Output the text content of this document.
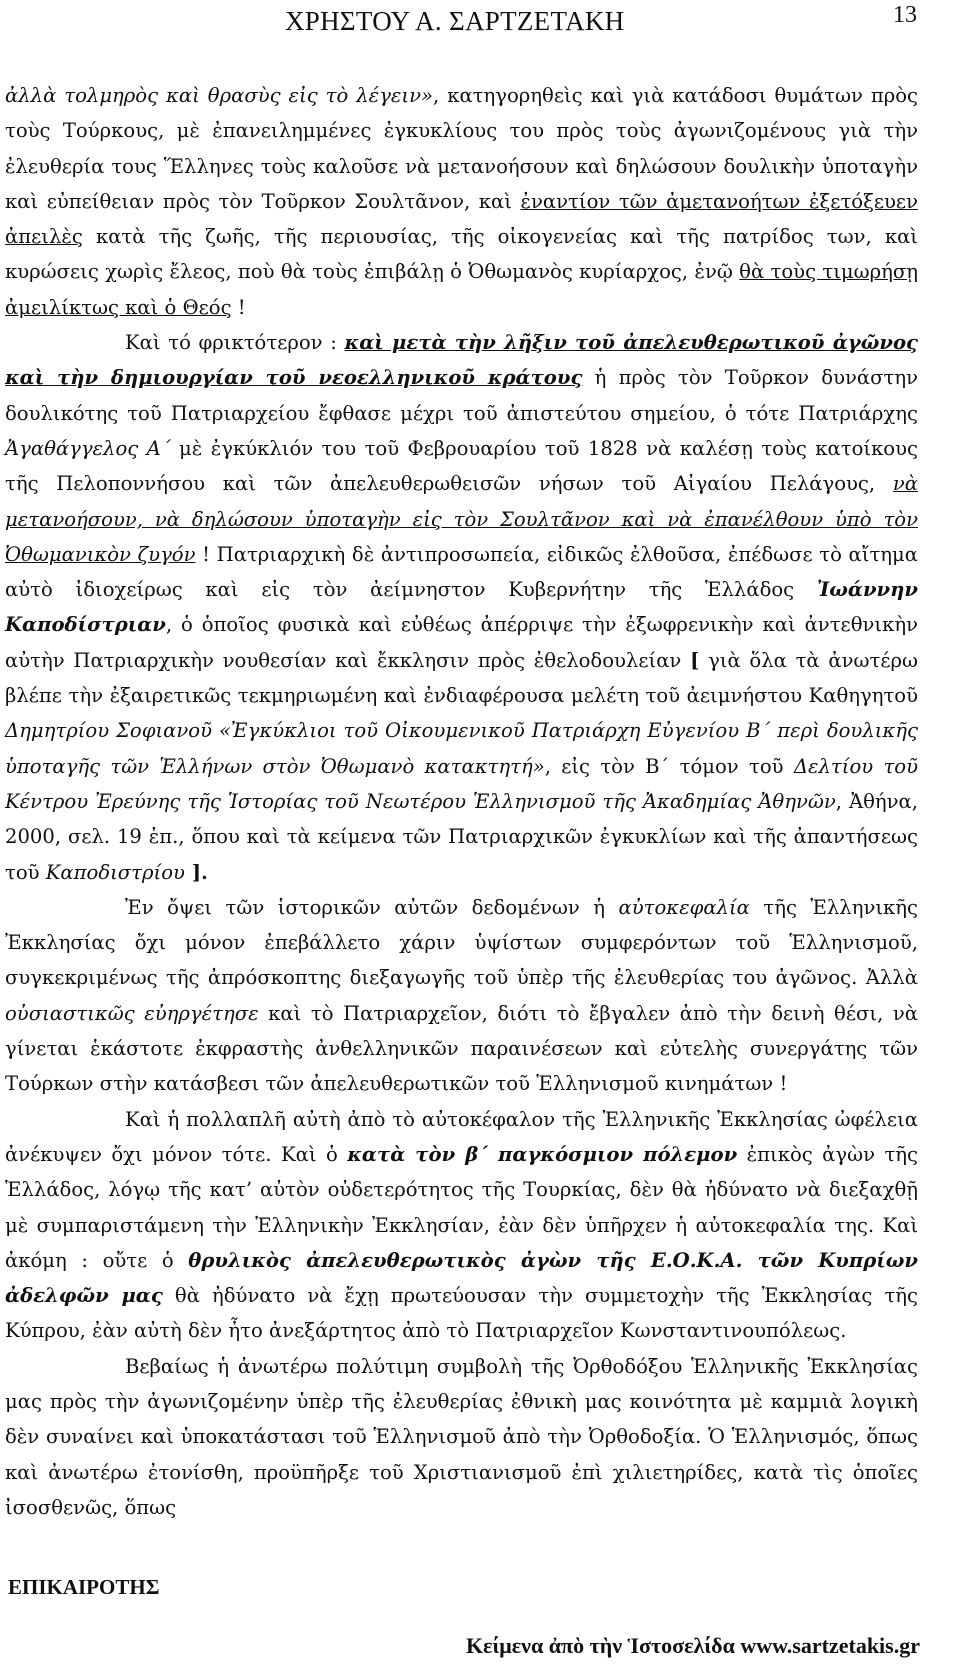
ΧΡΗΣΤΟΥ Α. ΣΑΡΤΖΕΤΑΚΗ	13

ἀλλὰ τολμηρὸς καὶ θρασὺς εἰς τὸ λέγειν», κατηγορηθεὶς καὶ γιὰ κατάδοσι θυμάτων πρὸς τοὺς Τούρκους, μὲ ἐπανειλημμένες ἐγκυκλίους του πρὸς τοὺς ἀγωνιζομένους γιὰ τὴν ἐλευθερία τους Ἕλληνες τοὺς καλοῦσε νὰ μετανοήσουν καὶ δηλώσουν δουλικὴν ὑποταγὴν καὶ εὐπείθειαν πρὸς τὸν Τοῦρκον Σουλτᾶνον, καὶ ἐναντίον τῶν ἀμετανοήτων ἐξετόξευεν ἀπειλὲς κατὰ τῆς ζωῆς, τῆς περιουσίας, τῆς οἰκογενείας καὶ τῆς πατρίδος των, καὶ κυρώσεις χωρὶς ἔλεος, ποὺ θὰ τοὺς ἐπιβάλῃ ὁ Ὀθωμανὸς κυρίαρχος, ἐνῷ θὰ τοὺς τιμωρήσῃ ἀμειλίκτως καὶ ὁ Θεός !

Καὶ τό φρικτότερον : καὶ μετὰ τὴν λῆξιν τοῦ ἀπελευθερωτικοῦ ἀγῶνος καὶ τὴν δημιουργίαν τοῦ νεοελληνικοῦ κράτους ἡ πρὸς τὸν Τοῦρκον δυνάστην δουλικότης τοῦ Πατριαρχείου ἔφθασε μέχρι τοῦ ἀπιστεύτου σημείου, ὁ τότε Πατριάρχης Ἀγαθάγγελος Α΄ μὲ ἐγκύκλιόν του τοῦ Φεβρουαρίου τοῦ 1828 νὰ καλέσῃ τοὺς κατοίκους τῆς Πελοποννήσου καὶ τῶν ἀπελευθερωθεισῶν νήσων τοῦ Αἰγαίου Πελάγους, νὰ μετανοήσουν, νὰ δηλώσουν ὑποταγὴν εἰς τὸν Σουλτᾶνον καὶ νὰ ἐπανέλθουν ὑπὸ τὸν Ὀθωμανικὸν ζυγόν ! Πατριαρχικὴ δὲ ἀντιπροσωπεία, εἰδικῶς ἐλθοῦσα, ἐπέδωσε τὸ αἴτημα αὐτὸ ἰδιοχείρως καὶ εἰς τὸν ἀείμνηστον Κυβερνήτην τῆς Ἑλλάδος Ἰωάννην Καποδίστριαν, ὁ ὁποῖος φυσικὰ καὶ εὐθέως ἀπέρριψε τὴν ἐξωφρενικὴν καὶ ἀντεθνικὴν αὐτὴν Πατριαρχικὴν νουθεσίαν καὶ ἔκκλησιν πρὸς ἐθελοδουλείαν [ γιὰ ὅλα τὰ ἀνωτέρω βλέπε τὴν ἐξαιρετικῶς τεκμηριωμένη καὶ ἐνδιαφέρουσα μελέτη τοῦ ἀειμνήστου Καθηγητοῦ Δημητρίου Σοφιανοῦ «Ἐγκύκλιοι τοῦ Οἰκουμενικοῦ Πατριάρχη Εὐγενίου Β΄ περὶ δουλικῆς ὑποταγῆς τῶν Ἑλλήνων στὸν Ὀθωμανὸ κατακτητή», εἰς τὸν Β΄ τόμον τοῦ Δελτίου τοῦ Κέντρου Ἐρεύνης τῆς Ἱστορίας τοῦ Νεωτέρου Ἑλληνισμοῦ τῆς Ἀκαδημίας Ἀθηνῶν, Ἀθήνα, 2000, σελ. 19 ἑπ., ὅπου καὶ τὰ κείμενα τῶν Πατριαρχικῶν ἐγκυκλίων καὶ τῆς ἀπαντήσεως τοῦ Καποδιστρίου ].

Ἐν ὄψει τῶν ἱστορικῶν αὐτῶν δεδομένων ἡ αὐτοκεφαλία τῆς Ἑλληνικῆς Ἐκκλησίας ὄχι μόνον ἐπεβάλλετο χάριν ὑψίστων συμφερόντων τοῦ Ἑλληνισμοῦ, συγκεκριμένως τῆς ἀπρόσκοπτης διεξαγωγῆς τοῦ ὑπὲρ τῆς ἐλευθερίας του ἀγῶνος. Ἀλλὰ οὐσιαστικῶς εὐηργέτησε καὶ τὸ Πατριαρχεῖον, διότι τὸ ἔβγαλεν ἀπὸ τὴν δεινὴ θέσι, νὰ γίνεται ἑκάστοτε ἐκφραστὴς ἀνθελληνικῶν παραινέσεων καὶ εὐτελὴς συνεργάτης τῶν Τούρκων στὴν κατάσβεσι τῶν ἀπελευθερωτικῶν τοῦ Ἑλληνισμοῦ κινημάτων !

Καὶ ἡ πολλαπλῆ αὐτὴ ἀπὸ τὸ αὐτοκέφαλον τῆς Ἑλληνικῆς Ἐκκλησίας ὠφέλεια ἀνέκυψεν ὄχι μόνον τότε. Καὶ ὁ κατὰ τὸν β΄ παγκόσμιον πόλεμον ἐπικὸς ἀγὼν τῆς Ἑλλάδος, λόγῳ τῆς κατ’ αὐτὸν οὐδετερότητος τῆς Τουρκίας, δὲν θὰ ἠδύνατο νὰ διεξαχθῇ μὲ συμπαριστάμενη τὴν Ἑλληνικὴν Ἐκκλησίαν, ἐὰν δὲν ὑπῆρχεν ἡ αὐτοκεφαλία της. Καὶ ἀκόμη : οὔτε ὁ θρυλικὸς ἀπελευθερωτικὸς ἀγὼν τῆς Ε.Ο.Κ.Α. τῶν Κυπρίων ἀδελφῶν μας θὰ ἠδύνατο νὰ ἔχῃ πρωτεύουσαν τὴν συμμετοχὴν τῆς Ἐκκλησίας τῆς Κύπρου, ἐὰν αὐτὴ δὲν ἦτο ἀνεξάρτητος ἀπὸ τὸ Πατριαρχεῖον Κωνσταντινουπόλεως.

Βεβαίως ἡ ἀνωτέρω πολύτιμη συμβολὴ τῆς Ὀρθοδόξου Ἑλληνικῆς Ἐκκλησίας μας πρὸς τὴν ἀγωνιζομένην ὑπὲρ τῆς ἐλευθερίας ἐθνικὴ μας κοινότητα μὲ καμμιὰ λογικὴ δὲν συναίνει καὶ ὑποκατάστασι τοῦ Ἑλληνισμοῦ ἀπὸ τὴν Ὀρθοδοξία. Ὁ Ἑλληνισμός, ὅπως καὶ ἀνωτέρω ἐτονίσθη, προϋπῆρξε τοῦ Χριστιανισμοῦ ἐπὶ χιλιετηρίδες, κατὰ τὶς ὁποῖες ἰσοσθενῶς, ὅπως

ΕΠΙΚΑΙΡΟΤΗΣ
Κείμενα ἀπὸ τὴν Ἱστοσελίδα www.sartzetakis.gr
